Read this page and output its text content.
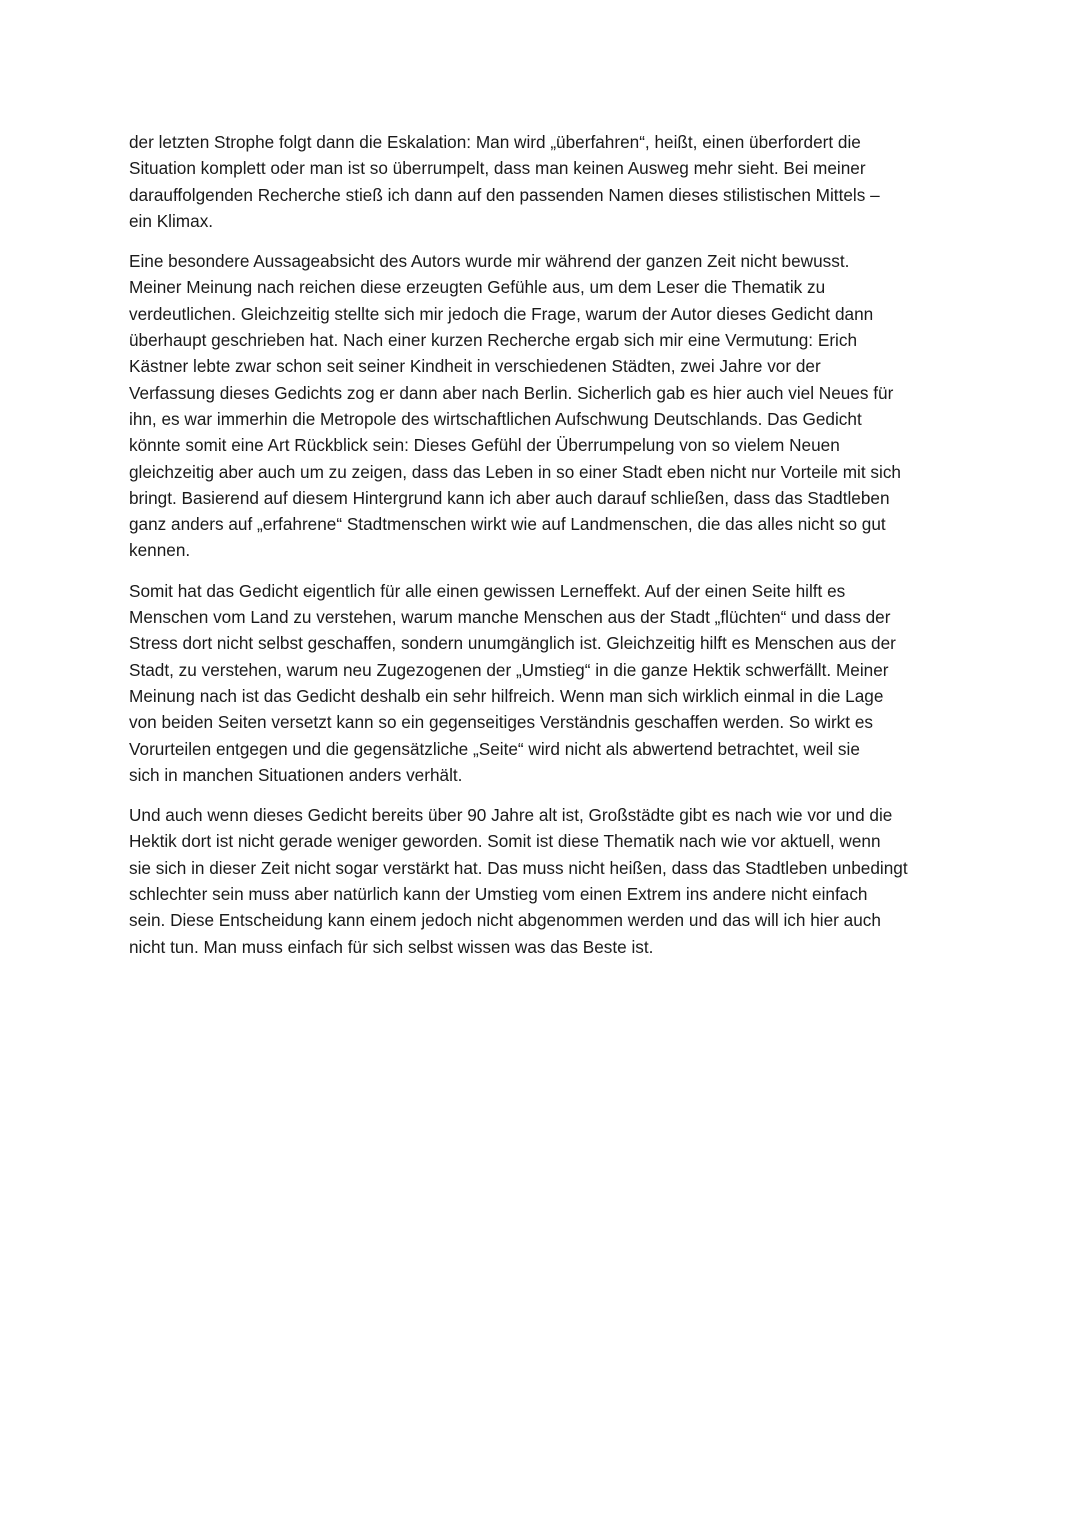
der letzten Strophe folgt dann die Eskalation: Man wird „überfahren“, heißt, einen überfordert die
Situation komplett oder man ist so überrumpelt, dass man keinen Ausweg mehr sieht. Bei meiner
darauffolgenden Recherche stieß ich dann auf den passenden Namen dieses stilistischen Mittels –
ein Klimax.
Eine besondere Aussageabsicht des Autors wurde mir während der ganzen Zeit nicht bewusst.
Meiner Meinung nach reichen diese erzeugten Gefühle aus, um dem Leser die Thematik zu
verdeutlichen. Gleichzeitig stellte sich mir jedoch die Frage, warum der Autor dieses Gedicht dann
überhaupt geschrieben hat. Nach einer kurzen Recherche ergab sich mir eine Vermutung: Erich
Kästner lebte zwar schon seit seiner Kindheit in verschiedenen Städten, zwei Jahre vor der
Verfassung dieses Gedichts zog er dann aber nach Berlin. Sicherlich gab es hier auch viel Neues für
ihn, es war immerhin die Metropole des wirtschaftlichen Aufschwung Deutschlands. Das Gedicht
könnte somit eine Art Rückblick sein: Dieses Gefühl der Überrumpelung von so vielem Neuen
gleichzeitig aber auch um zu zeigen, dass das Leben in so einer Stadt eben nicht nur Vorteile mit sich
bringt. Basierend auf diesem Hintergrund kann ich aber auch darauf schließen, dass das Stadtleben
ganz anders auf „erfahrene“ Stadtmenschen wirkt wie auf Landmenschen, die das alles nicht so gut
kennen.
Somit hat das Gedicht eigentlich für alle einen gewissen Lerneffekt. Auf der einen Seite hilft es
Menschen vom Land zu verstehen, warum manche Menschen aus der Stadt „flüchten“ und dass der
Stress dort nicht selbst geschaffen, sondern unumgänglich ist. Gleichzeitig hilft es Menschen aus der
Stadt, zu verstehen, warum neu Zugezogenen der „Umstieg“ in die ganze Hektik schwerfällt. Meiner
Meinung nach ist das Gedicht deshalb ein sehr hilfreich. Wenn man sich wirklich einmal in die Lage
von beiden Seiten versetzt kann so ein gegenseitiges Verständnis geschaffen werden. So wirkt es
Vorurteilen entgegen und die gegensätzliche „Seite“ wird nicht als abwertend betrachtet, weil sie
sich in manchen Situationen anders verhält.
Und auch wenn dieses Gedicht bereits über 90 Jahre alt ist, Großstädte gibt es nach wie vor und die
Hektik dort ist nicht gerade weniger geworden. Somit ist diese Thematik nach wie vor aktuell, wenn
sie sich in dieser Zeit nicht sogar verstärkt hat. Das muss nicht heißen, dass das Stadtleben unbedingt
schlechter sein muss aber natürlich kann der Umstieg vom einen Extrem ins andere nicht einfach
sein. Diese Entscheidung kann einem jedoch nicht abgenommen werden und das will ich hier auch
nicht tun. Man muss einfach für sich selbst wissen was das Beste ist.
